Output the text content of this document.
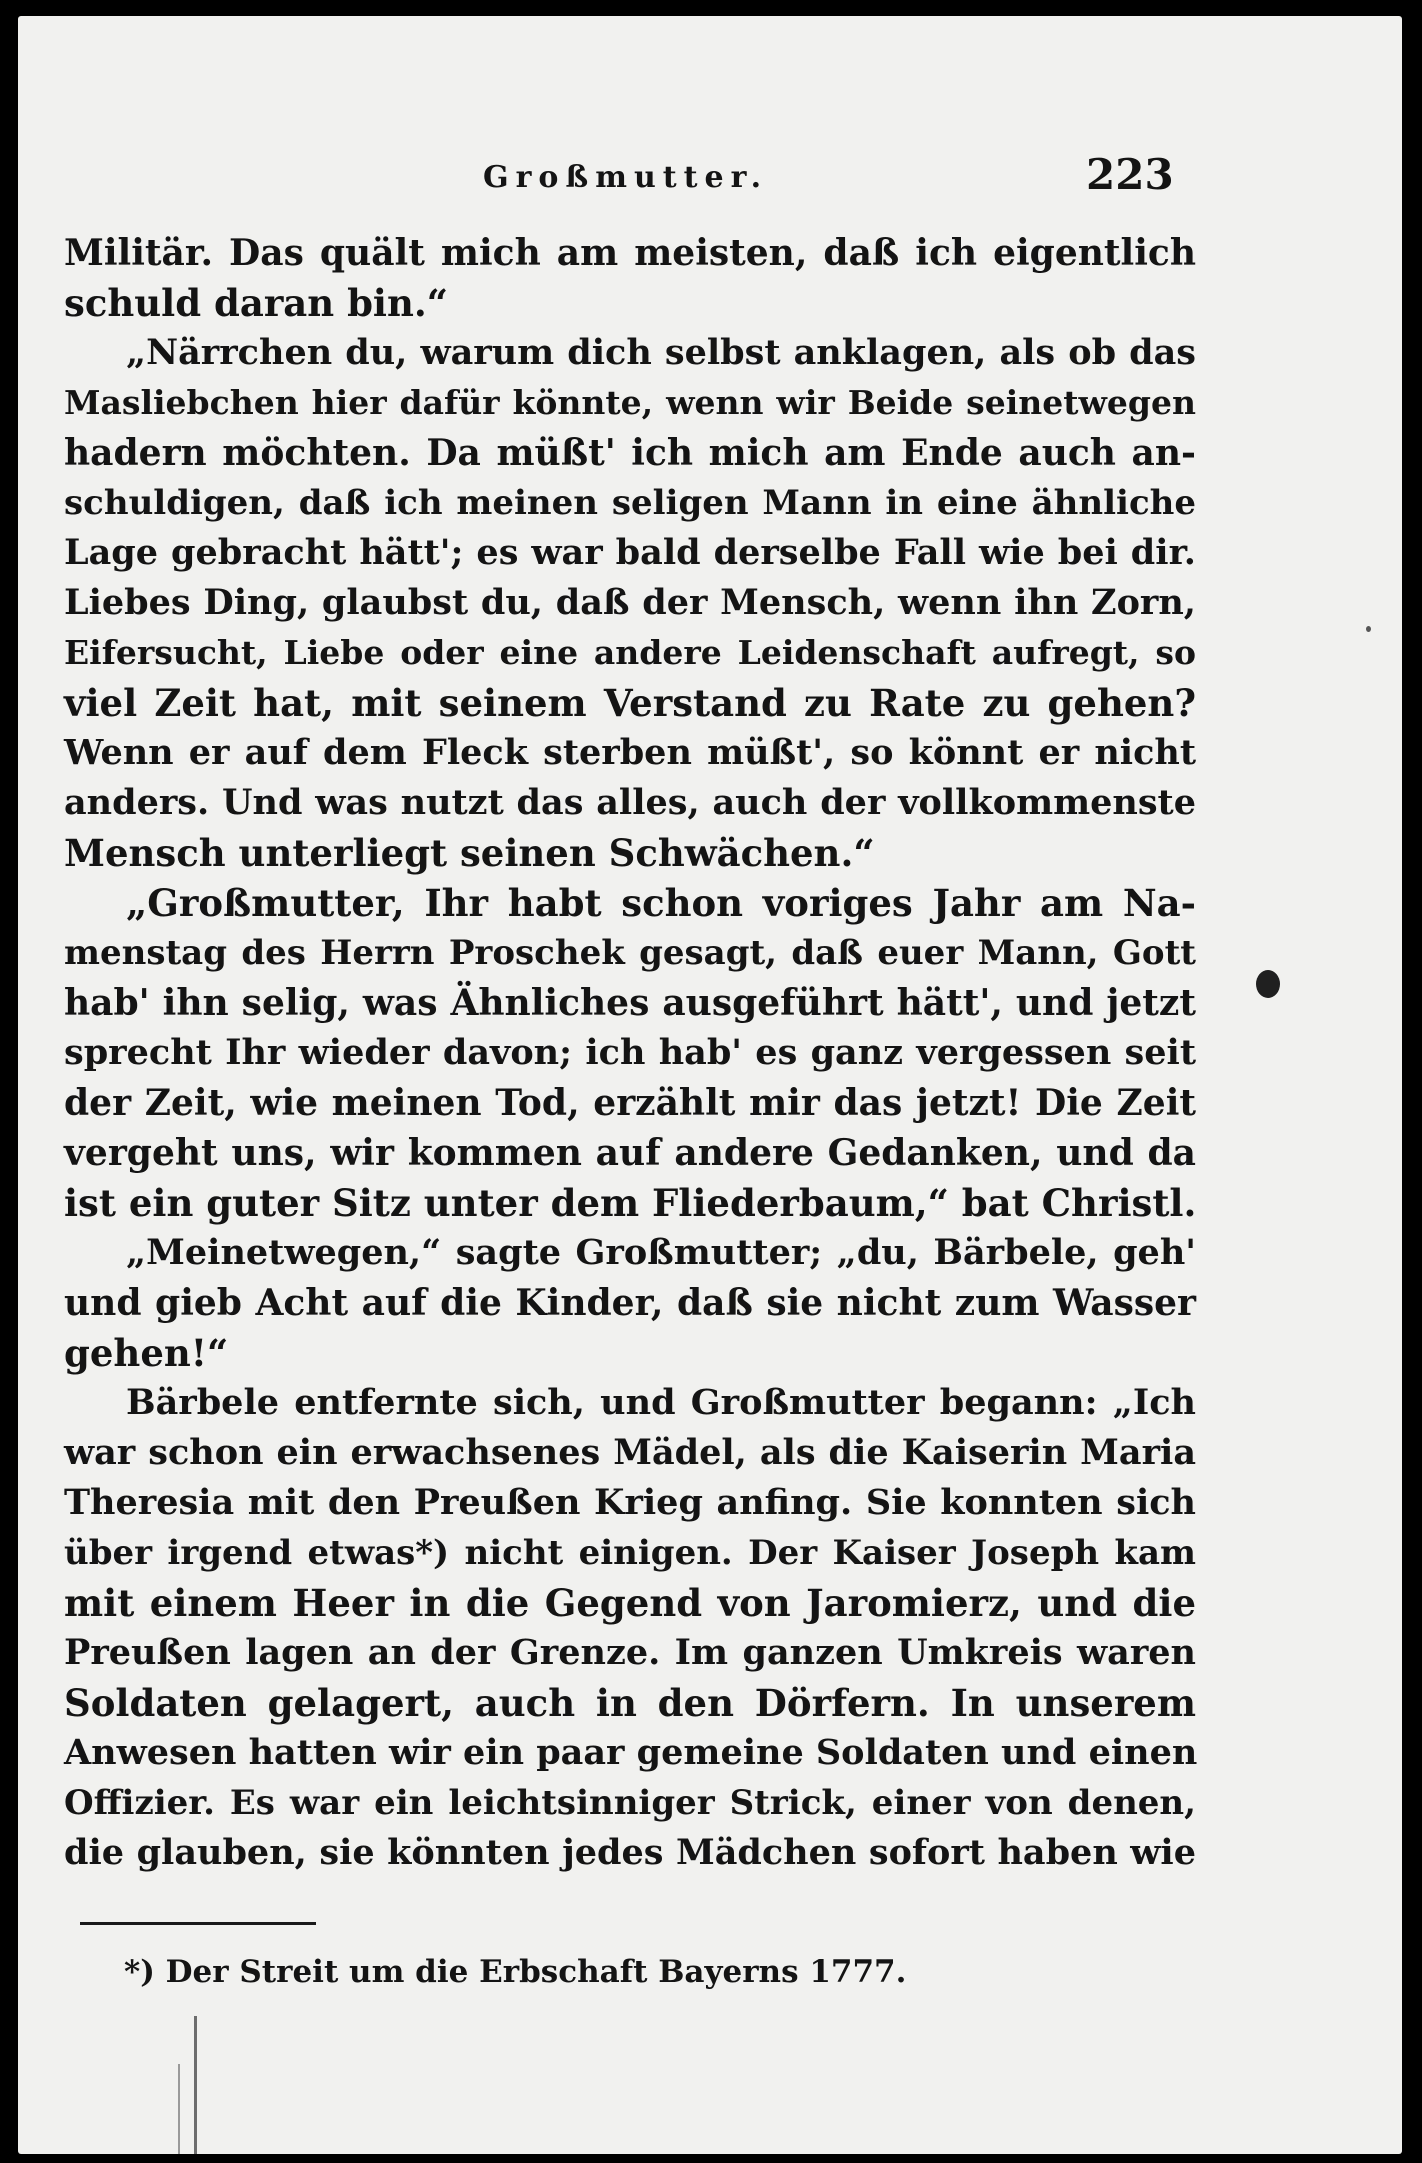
Großmutter.	223
Militär. Das quält mich am meisten, daß ich eigentlich
schuld daran bin.“
„Närrchen du, warum dich selbst anklagen, als ob das
Masliebchen hier dafür könnte, wenn wir Beide seinetwegen
hadern möchten. Da müßt' ich mich am Ende auch an-
schuldigen, daß ich meinen seligen Mann in eine ähnliche
Lage gebracht hätt'; es war bald derselbe Fall wie bei dir.
Liebes Ding, glaubst du, daß der Mensch, wenn ihn Zorn,
Eifersucht, Liebe oder eine andere Leidenschaft aufregt, so
viel Zeit hat, mit seinem Verstand zu Rate zu gehen?
Wenn er auf dem Fleck sterben müßt', so könnt er nicht
anders. Und was nutzt das alles, auch der vollkommenste
Mensch unterliegt seinen Schwächen.“
„Großmutter, Ihr habt schon voriges Jahr am Na-
menstag des Herrn Proschek gesagt, daß euer Mann, Gott
hab' ihn selig, was Ähnliches ausgeführt hätt', und jetzt
sprecht Ihr wieder davon; ich hab' es ganz vergessen seit
der Zeit, wie meinen Tod, erzählt mir das jetzt! Die Zeit
vergeht uns, wir kommen auf andere Gedanken, und da
ist ein guter Sitz unter dem Fliederbaum,“ bat Christl.
„Meinetwegen,“ sagte Großmutter; „du, Bärbele, geh'
und gieb Acht auf die Kinder, daß sie nicht zum Wasser
gehen!“
Bärbele entfernte sich, und Großmutter begann: „Ich
war schon ein erwachsenes Mädel, als die Kaiserin Maria
Theresia mit den Preußen Krieg anfing. Sie konnten sich
über irgend etwas*) nicht einigen. Der Kaiser Joseph kam
mit einem Heer in die Gegend von Jaromierz, und die
Preußen lagen an der Grenze. Im ganzen Umkreis waren
Soldaten gelagert, auch in den Dörfern. In unserem
Anwesen hatten wir ein paar gemeine Soldaten und einen
Offizier. Es war ein leichtsinniger Strick, einer von denen,
die glauben, sie könnten jedes Mädchen sofort haben wie
*) Der Streit um die Erbschaft Bayerns 1777.
